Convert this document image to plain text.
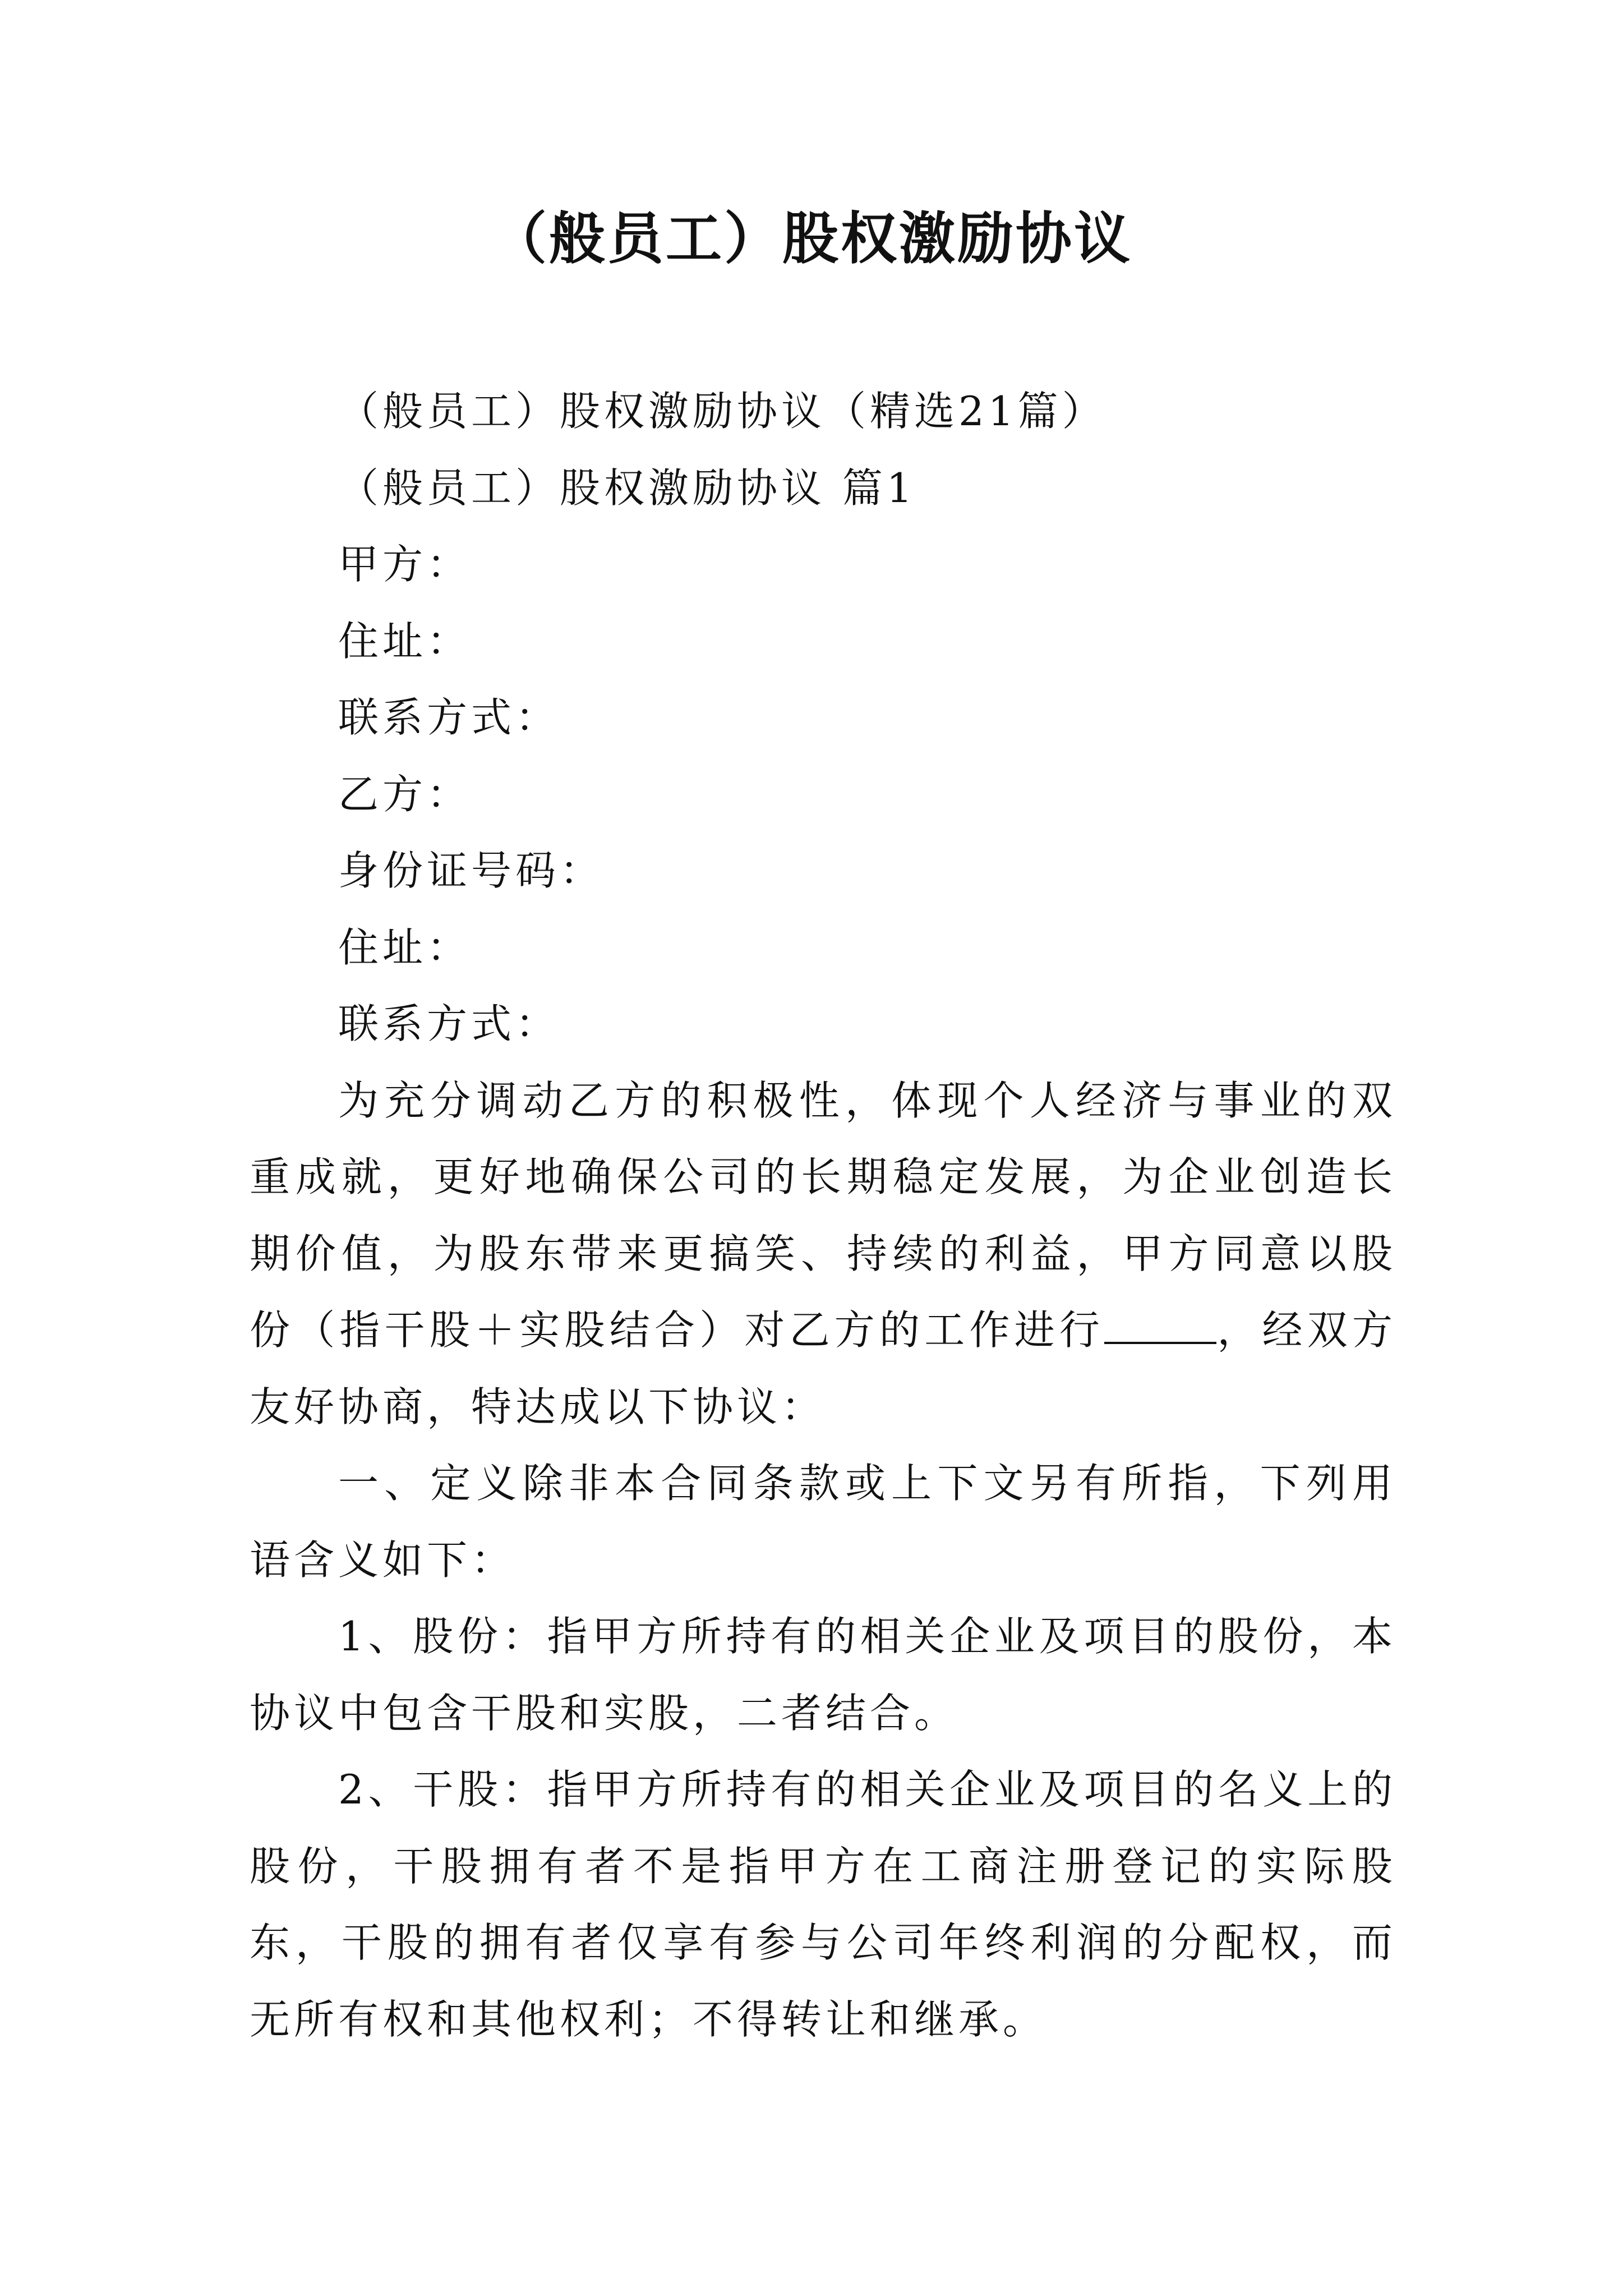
（般员工）股权激励协议

（般员工）股权激励协议（精选21篇）

（般员工）股权激励协议 篇1

甲方：

住址：

联系方式：

乙方：

身份证号码：

住址：

联系方式：

为充分调动乙方的积极性，体现个人经济与事业的双重成就，更好地确保公司的长期稳定发展，为企业创造长期价值，为股东带来更搞笑、持续的利益，甲方同意以股份（指干股＋实股结合）对乙方的工作进行	，经双方友好协商，特达成以下协议：

一、定义除非本合同条款或上下文另有所指，下列用语含义如下：

1、股份：指甲方所持有的相关企业及项目的股份，本协议中包含干股和实股，二者结合。

2、干股：指甲方所持有的相关企业及项目的名义上的股份，干股拥有者不是指甲方在工商注册登记的实际股东，干股的拥有者仅享有参与公司年终利润的分配权，而无所有权和其他权利；不得转让和继承。
